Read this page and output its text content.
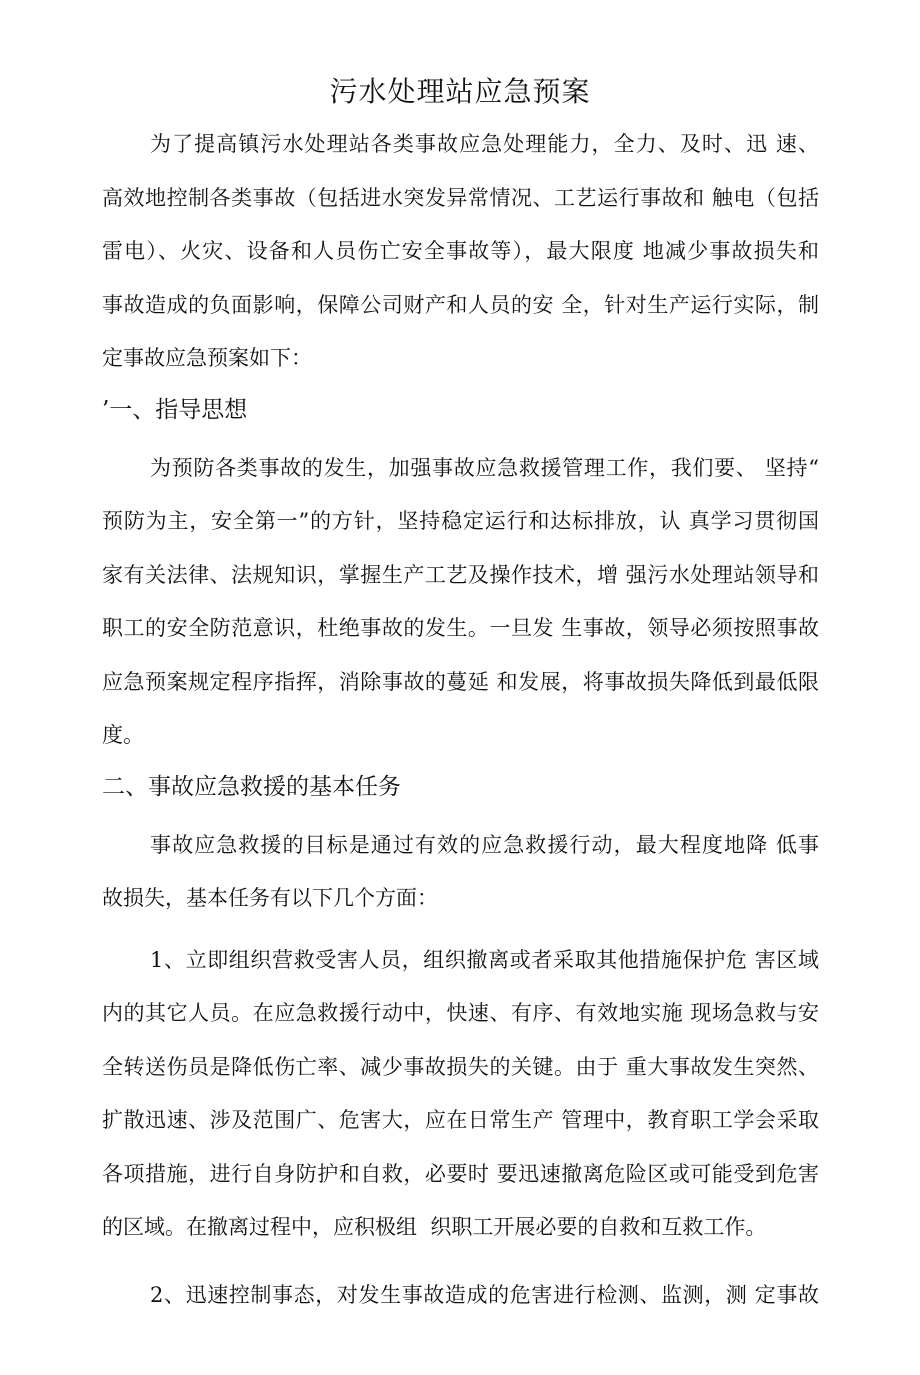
污水处理站应急预案
为了提高镇污水处理站各类事故应急处理能力，全力、及时、迅 速、
高效地控制各类事故（包括进水突发异常情况、工艺运行事故和 触电（包括
雷电）、火灾、设备和人员伤亡安全事故等），最大限度 地减少事故损失和
事故造成的负面影响，保障公司财产和人员的安 全，针对生产运行实际，制
定事故应急预案如下：
’一、指导思想
为预防各类事故的发生，加强事故应急救援管理工作，我们要、 坚持“
预防为主，安全第一”的方针，坚持稳定运行和达标排放，认 真学习贯彻国
家有关法律、法规知识，掌握生产工艺及操作技术，增 强污水处理站领导和
职工的安全防范意识，杜绝事故的发生。一旦发 生事故，领导必须按照事故
应急预案规定程序指挥，消除事故的蔓延 和发展，将事故损失降低到最低限
度。
二、事故应急救援的基本任务
事故应急救援的目标是通过有效的应急救援行动，最大程度地降 低事
故损失，基本任务有以下几个方面：
1、立即组织营救受害人员，组织撤离或者采取其他措施保护危 害区域
内的其它人员。在应急救援行动中，快速、有序、有效地实施 现场急救与安
全转送伤员是降低伤亡率、减少事故损失的关键。由于 重大事故发生突然、
扩散迅速、涉及范围广、危害大，应在日常生产 管理中，教育职工学会采取
各项措施，进行自身防护和自救，必要时 要迅速撤离危险区或可能受到危害
的区域。在撤离过程中，应积极组  织职工开展必要的自救和互救工作。
2、迅速控制事态，对发生事故造成的危害进行检测、监测，测 定事故
